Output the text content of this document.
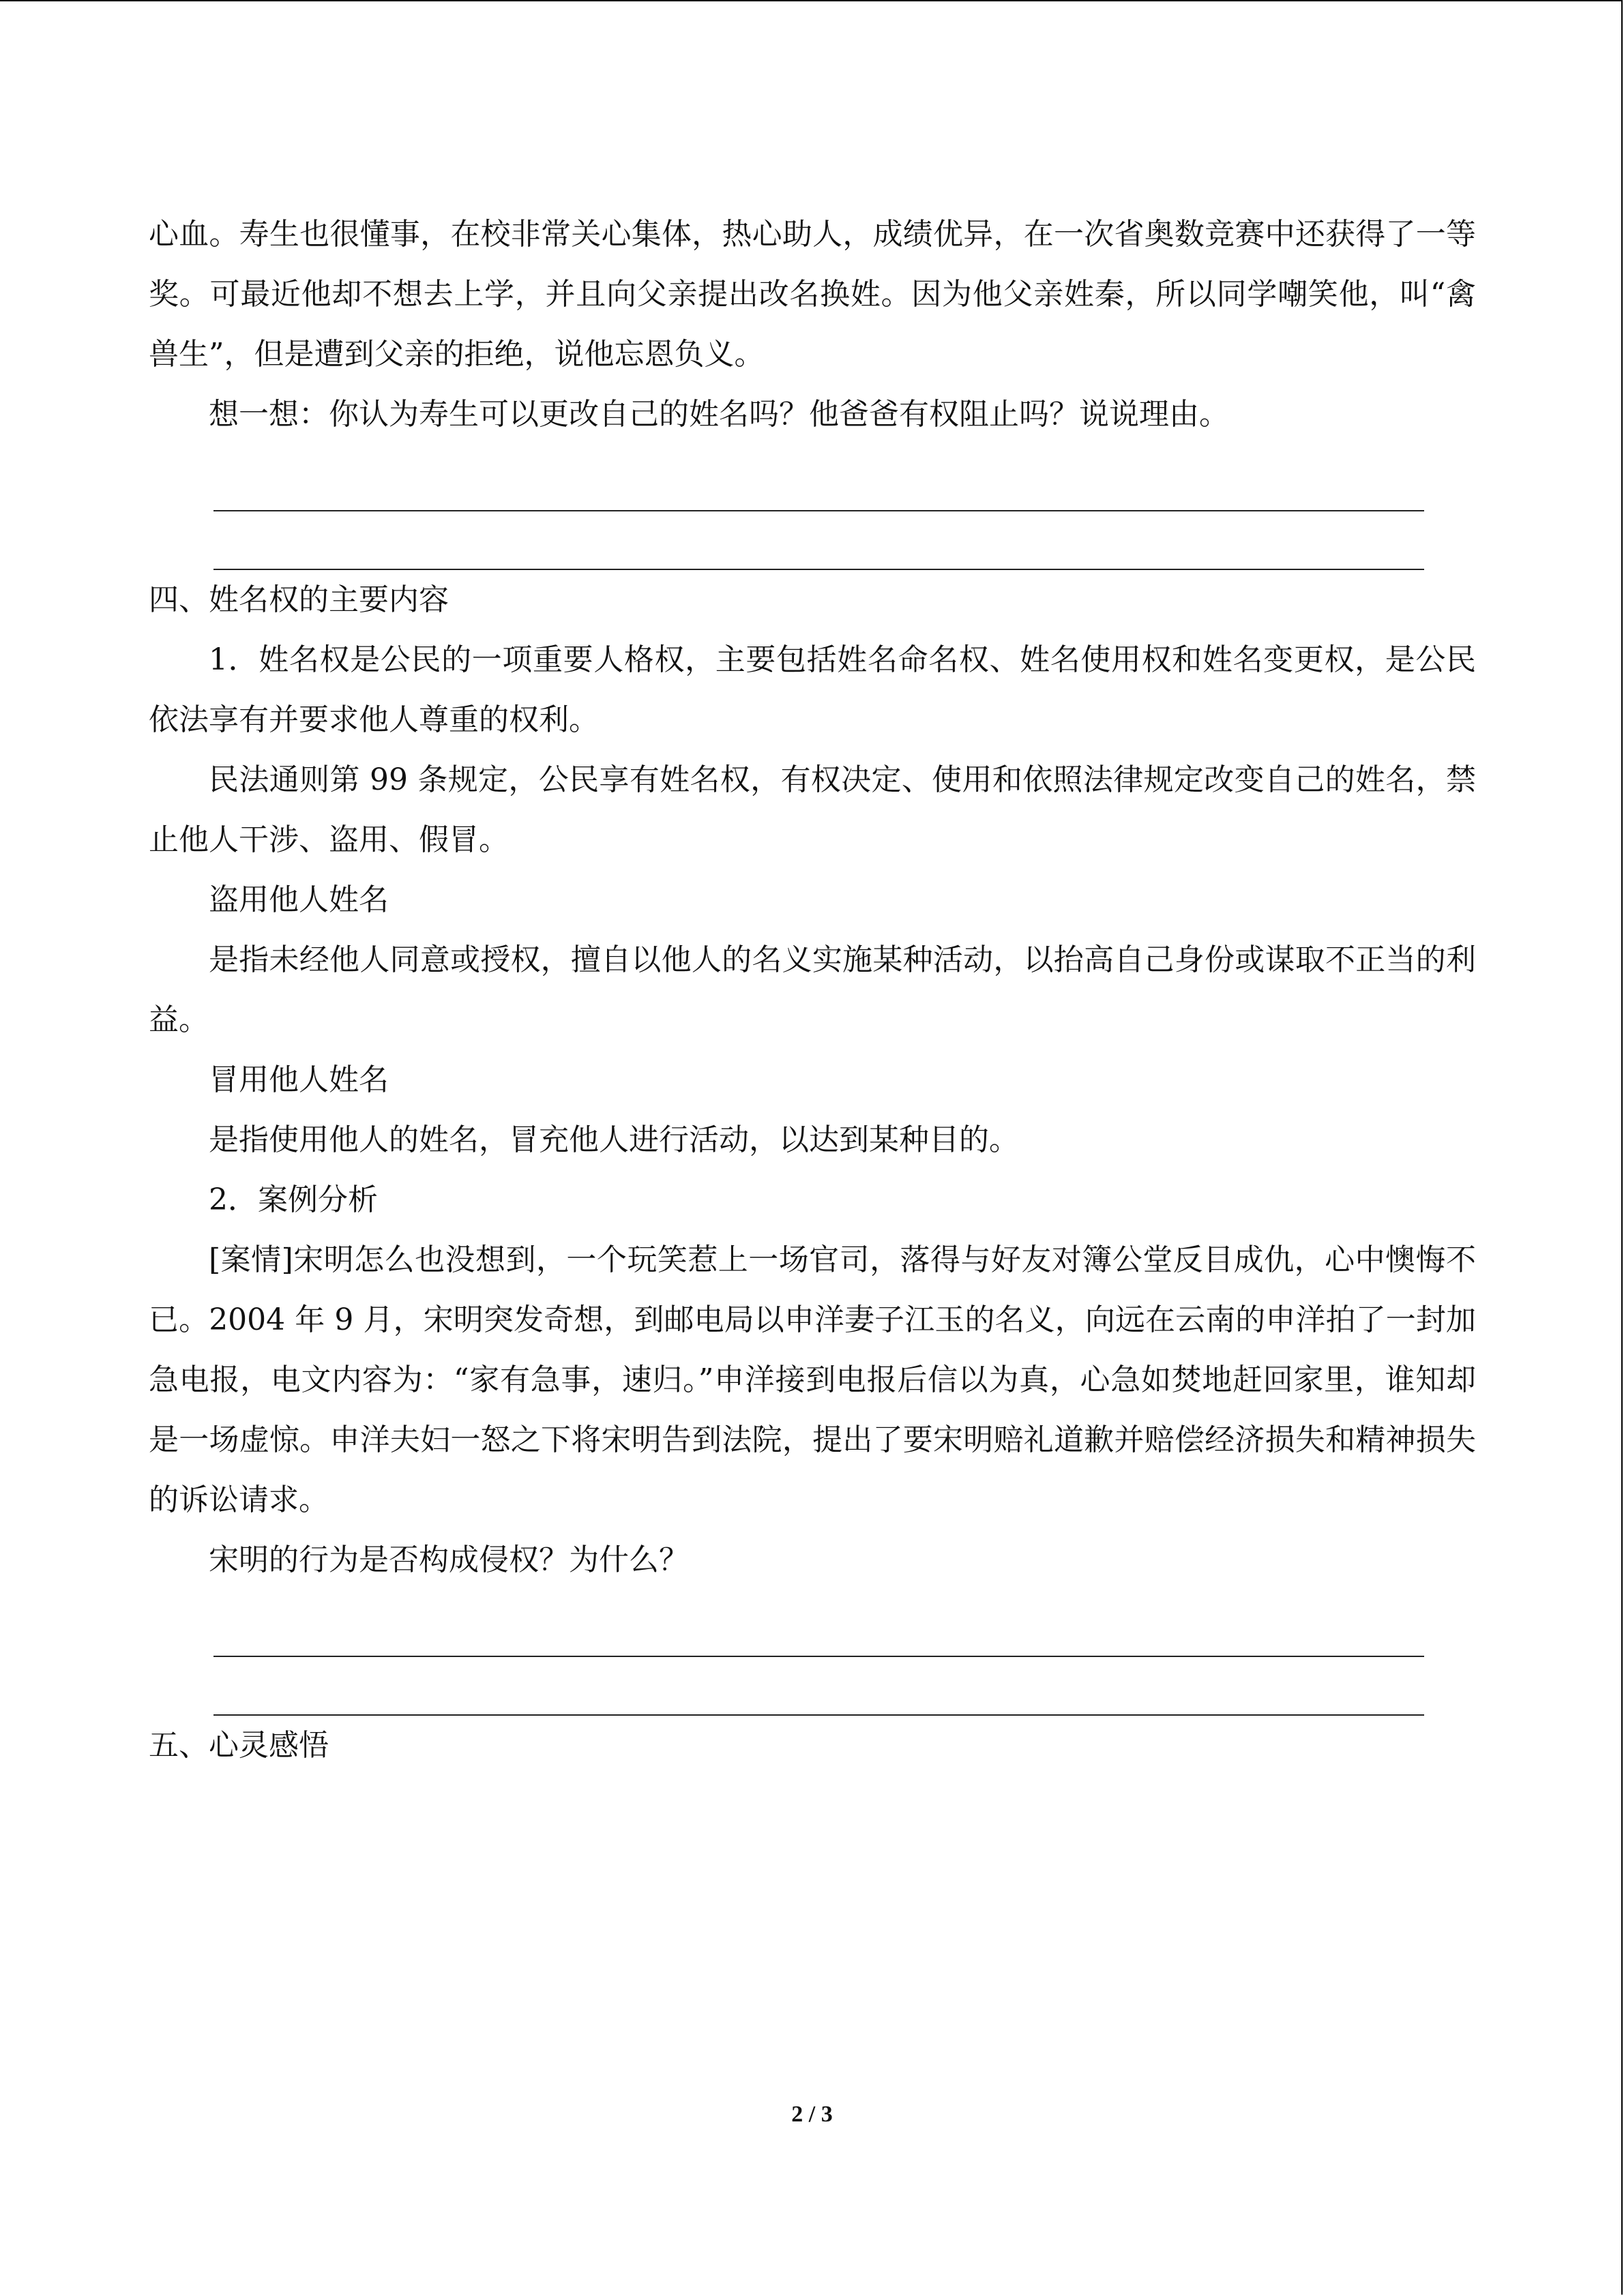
心血。寿生也很懂事，在校非常关心集体，热心助人，成绩优异，在一次省奥数竞赛中还获得了一等奖。可最近他却不想去上学，并且向父亲提出改名换姓。因为他父亲姓秦，所以同学嘲笑他，叫“禽兽生”，但是遭到父亲的拒绝，说他忘恩负义。

想一想：你认为寿生可以更改自己的姓名吗？他爸爸有权阻止吗？说说理由。

四、姓名权的主要内容

1．姓名权是公民的一项重要人格权，主要包括姓名命名权、姓名使用权和姓名变更权，是公民依法享有并要求他人尊重的权利。

民法通则第 99 条规定，公民享有姓名权，有权决定、使用和依照法律规定改变自己的姓名，禁止他人干涉、盗用、假冒。

盗用他人姓名

是指未经他人同意或授权，擅自以他人的名义实施某种活动，以抬高自己身份或谋取不正当的利益。

冒用他人姓名

是指使用他人的姓名，冒充他人进行活动，以达到某种目的。

2．案例分析

[案情]宋明怎么也没想到，一个玩笑惹上一场官司，落得与好友对簿公堂反目成仇，心中懊悔不已。2004 年 9 月，宋明突发奇想，到邮电局以申洋妻子江玉的名义，向远在云南的申洋拍了一封加急电报，电文内容为：“家有急事，速归。”申洋接到电报后信以为真，心急如焚地赶回家里，谁知却是一场虚惊。申洋夫妇一怒之下将宋明告到法院，提出了要宋明赔礼道歉并赔偿经济损失和精神损失的诉讼请求。

宋明的行为是否构成侵权？为什么？

五、心灵感悟

2 / 3
